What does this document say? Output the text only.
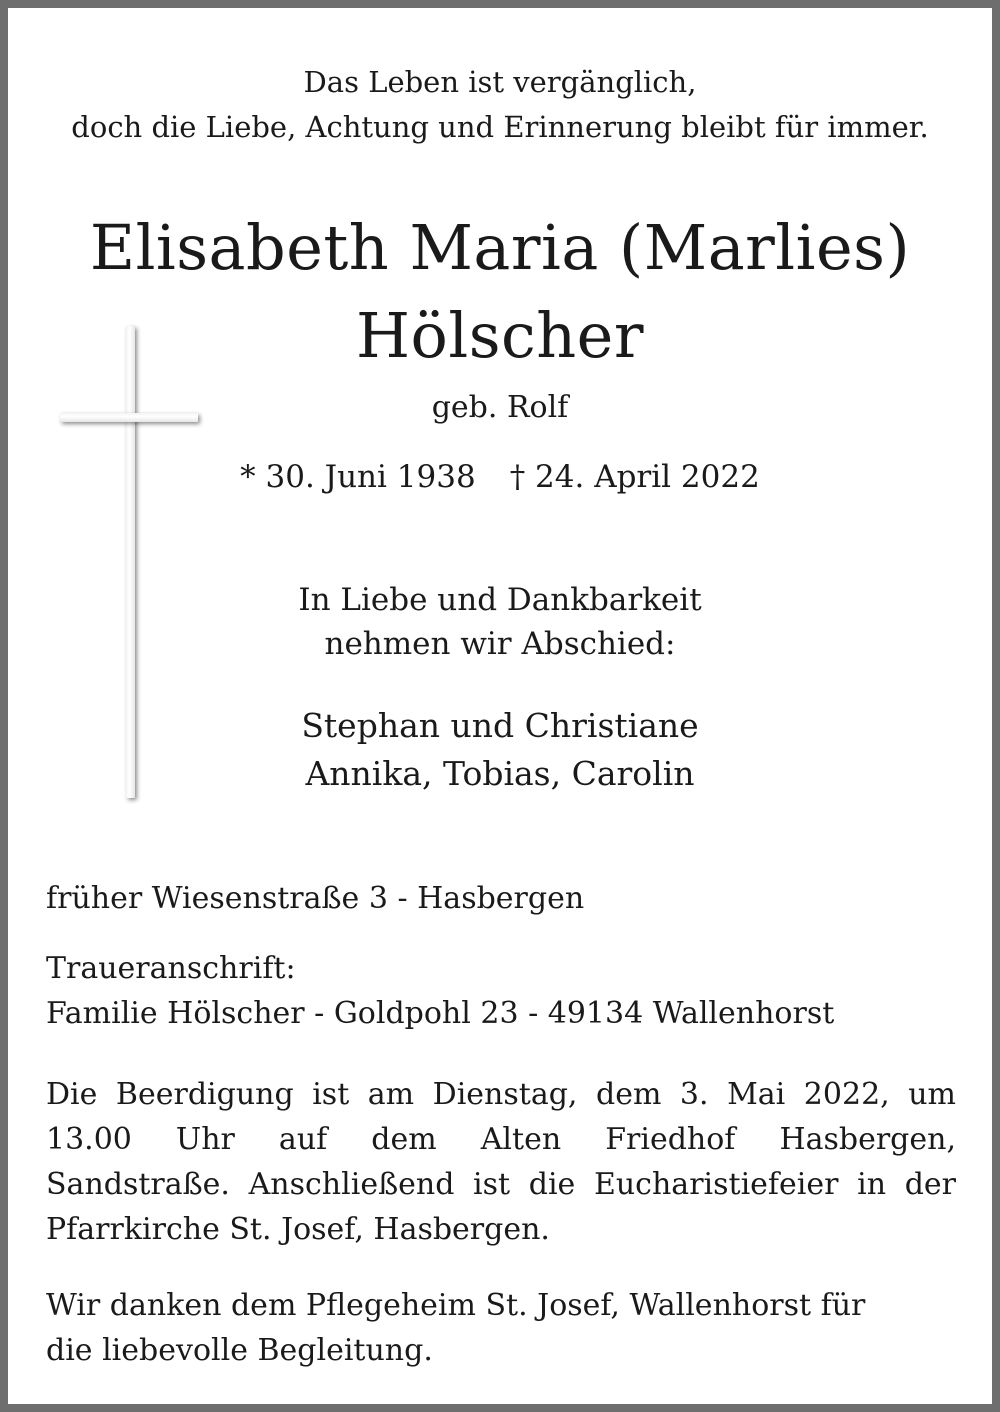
Das Leben ist vergänglich,
doch die Liebe, Achtung und Erinnerung bleibt für immer.
Elisabeth Maria (Marlies)
Hölscher
geb. Rolf
* 30. Juni 1938 † 24. April 2022
In Liebe und Dankbarkeit
nehmen wir Abschied:
Stephan und Christiane
Annika, Tobias, Carolin
früher Wiesenstraße 3 - Hasbergen
Traueranschrift:
Familie Hölscher - Goldpohl 23 - 49134 Wallenhorst
Die Beerdigung ist am Dienstag, dem 3. Mai 2022, um
13.00 Uhr auf dem Alten Friedhof Hasbergen,
Sandstraße. Anschließend ist die Eucharistiefeier in der
Pfarrkirche St. Josef, Hasbergen.
Wir danken dem Pflegeheim St. Josef, Wallenhorst für
die liebevolle Begleitung.
